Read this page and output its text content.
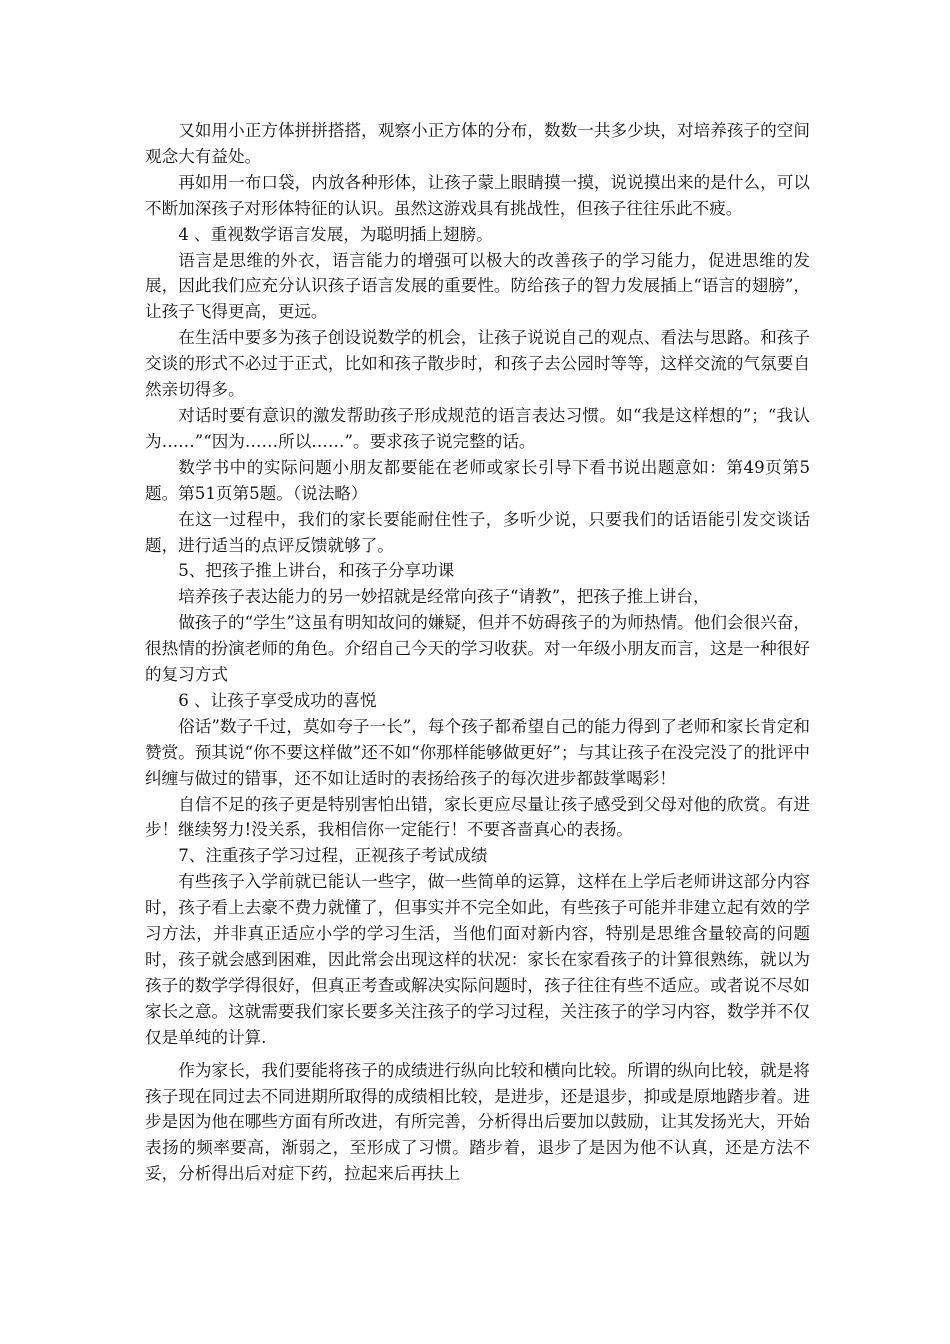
又如用小正方体拼拼搭搭，观察小正方体的分布，数数一共多少块，对培养孩子的空间观念大有益处。

再如用一布口袋，内放各种形体，让孩子蒙上眼睛摸一摸，说说摸出来的是什么，可以不断加深孩子对形体特征的认识。虽然这游戏具有挑战性，但孩子往往乐此不疲。

4 、重视数学语言发展，为聪明插上翅膀。

语言是思维的外衣，语言能力的增强可以极大的改善孩子的学习能力，促进思维的发展，因此我们应充分认识孩子语言发展的重要性。防给孩子的智力发展插上“语言的翅膀”，让孩子飞得更高，更远。

在生活中要多为孩子创设说数学的机会，让孩子说说自己的观点、看法与思路。和孩子交谈的形式不必过于正式，比如和孩子散步时，和孩子去公园时等等，这样交流的气氛要自然亲切得多。

对话时要有意识的激发帮助孩子形成规范的语言表达习惯。如“我是这样想的”；“我认为……”“因为……所以……”。要求孩子说完整的话。

数学书中的实际问题小朋友都要能在老师或家长引导下看书说出题意如：第49页第5题。第51页第5题。（说法略）

在这一过程中，我们的家长要能耐住性子，多听少说，只要我们的话语能引发交谈话题，进行适当的点评反馈就够了。

5、把孩子推上讲台，和孩子分享功课

培养孩子表达能力的另一妙招就是经常向孩子“请教”，把孩子推上讲台，

做孩子的“学生”这虽有明知故问的嫌疑，但并不妨碍孩子的为师热情。他们会很兴奋，很热情的扮演老师的角色。介绍自己今天的学习收获。对一年级小朋友而言，这是一种很好的复习方式

6 、让孩子享受成功的喜悦

俗话”数子千过，莫如夸子一长”，每个孩子都希望自己的能力得到了老师和家长肯定和赞赏。预其说“你不要这样做”还不如“你那样能够做更好”；与其让孩子在没完没了的批评中纠缠与做过的错事，还不如让适时的表扬给孩子的每次进步都鼓掌喝彩！

自信不足的孩子更是特别害怕出错，家长更应尽量让孩子感受到父母对他的欣赏。有进步！继续努力!没关系，我相信你一定能行！不要吝啬真心的表扬。

7、注重孩子学习过程，正视孩子考试成绩

有些孩子入学前就已能认一些字，做一些简单的运算，这样在上学后老师讲这部分内容时，孩子看上去豪不费力就懂了，但事实并不完全如此，有些孩子可能并非建立起有效的学习方法，并非真正适应小学的学习生活，当他们面对新内容，特别是思维含量较高的问题时，孩子就会感到困难，因此常会出现这样的状况：家长在家看孩子的计算很熟练，就以为孩子的数学学得很好，但真正考查或解决实际问题时，孩子往往有些不适应。或者说不尽如家长之意。这就需要我们家长要多关注孩子的学习过程，关注孩子的学习内容，数学并不仅仅是单纯的计算.

作为家长，我们要能将孩子的成绩进行纵向比较和横向比较。所谓的纵向比较，就是将孩子现在同过去不同进期所取得的成绩相比较，是进步，还是退步，抑或是原地踏步着。进步是因为他在哪些方面有所改进，有所完善，分析得出后要加以鼓励，让其发扬光大，开始表扬的频率要高，渐弱之，至形成了习惯。踏步着，退步了是因为他不认真，还是方法不妥，分析得出后对症下药，拉起来后再扶上
